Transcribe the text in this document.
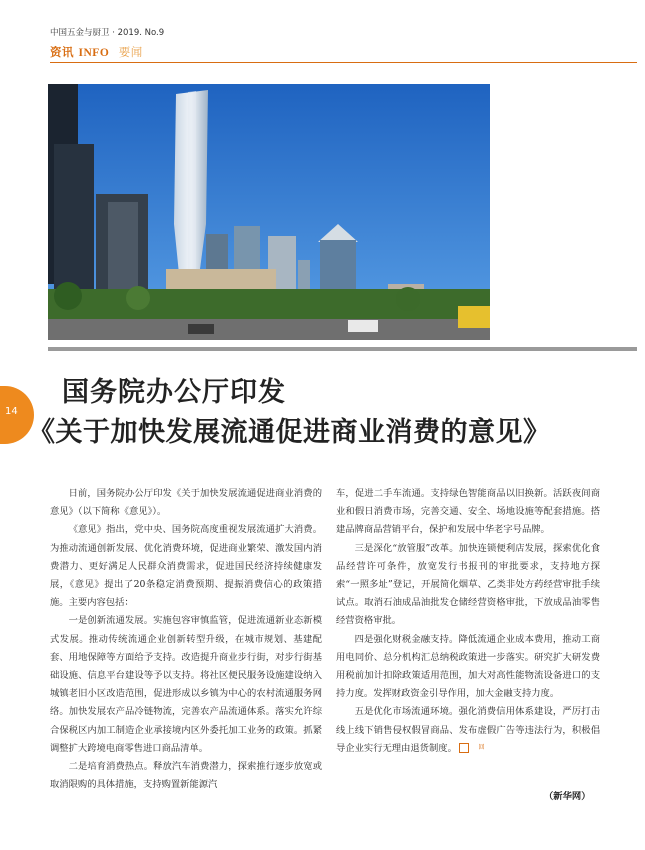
中国五金与厨卫 · 2019. No.9
资讯 INFO 要闻
14
国务院办公厅印发
《关于加快发展流通促进商业消费的意见》

日前，国务院办公厅印发《关于加快发展流通促进商业消费的意见》（以下简称《意见》）。

《意见》指出，党中央、国务院高度重视发展流通扩大消费。为推动流通创新发展、优化消费环境，促进商业繁荣、激发国内消费潜力、更好满足人民群众消费需求，促进国民经济持续健康发展，《意见》提出了20条稳定消费预期、提振消费信心的政策措施。主要内容包括：

一是创新流通发展。实施包容审慎监管，促进流通新业态新模式发展。推动传统流通企业创新转型升级，在城市规划、基建配套、用地保障等方面给予支持。改造提升商业步行街，对步行街基础设施、信息平台建设等予以支持。将社区便民服务设施建设纳入城镇老旧小区改造范围，促进形成以乡镇为中心的农村流通服务网络。加快发展农产品冷链物流，完善农产品流通体系。落实允许综合保税区内加工制造企业承接境内区外委托加工业务的政策。抓紧调整扩大跨境电商零售进口商品清单。

二是培育消费热点。释放汽车消费潜力，探索推行逐步放宽或取消限购的具体措施，支持购置新能源汽

车，促进二手车流通。支持绿色智能商品以旧换新。活跃夜间商业和假日消费市场，完善交通、安全、场地设施等配套措施。搭建品牌商品营销平台，保护和发展中华老字号品牌。

三是深化“放管服”改革。加快连锁便利店发展，探索优化食品经营许可条件，放宽发行书报刊的审批要求，支持地方探索“一照多址”登记，开展简化烟草、乙类非处方药经营审批手续试点。取消石油成品油批发仓储经营资格审批，下放成品油零售经营资格审批。

四是强化财税金融支持。降低流通企业成本费用，推动工商用电同价、总分机构汇总纳税政策进一步落实。研究扩大研发费用税前加计扣除政策适用范围，加大对高性能物流设备进口的支持力度。发挥财政资金引导作用，加大金融支持力度。

五是优化市场流通环境。强化消费信用体系建设，严厉打击线上线下销售侵权假冒商品、发布虚假广告等违法行为，积极倡导企业实行无理由退货制度。	回

（新华网）
